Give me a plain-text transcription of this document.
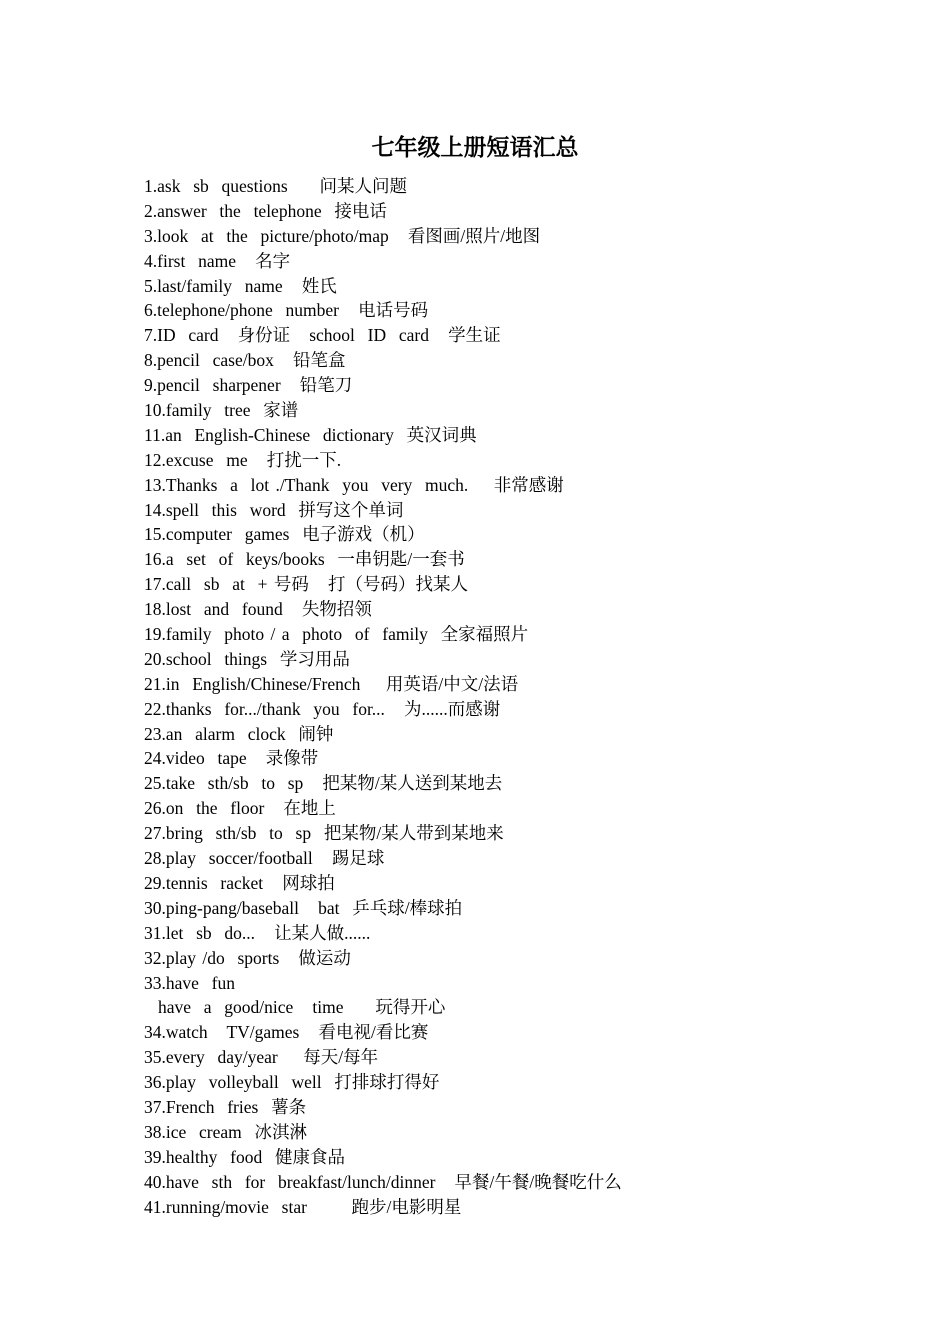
七年级上册短语汇总
1.ask  sb  questions     问某人问题
2.answer  the  telephone  接电话
3.look  at  the  picture/photo/map   看图画/照片/地图
4.first  name   名字
5.last/family  name   姓氏
6.telephone/phone  number   电话号码
7.ID  card   身份证   school  ID  card   学生证
8.pencil  case/box   铅笔盒
9.pencil  sharpener   铅笔刀
10.family  tree  家谱
11.an  English-Chinese  dictionary  英汉词典
12.excuse  me   打扰一下.
13.Thanks  a  lot ./Thank  you  very  much.    非常感谢
14.spell  this  word  拼写这个单词
15.computer  games  电子游戏（机）
16.a  set  of  keys/books  一串钥匙/一套书
17.call  sb  at  + 号码   打（号码）找某人
18.lost  and  found   失物招领
19.family  photo / a  photo  of  family  全家福照片
20.school  things  学习用品
21.in  English/Chinese/French    用英语/中文/法语
22.thanks  for.../thank  you  for...   为......而感谢
23.an  alarm  clock  闹钟
24.video  tape   录像带
25.take  sth/sb  to  sp   把某物/某人送到某地去
26.on  the  floor   在地上
27.bring  sth/sb  to  sp  把某物/某人带到某地来
28.play  soccer/football   踢足球
29.tennis  racket   网球拍
30.ping-pang/baseball   bat  乒乓球/棒球拍
31.let  sb  do...   让某人做......
32.play /do  sports   做运动
33.have  fun
have  a  good/nice   time     玩得开心
34.watch   TV/games   看电视/看比赛
35.every  day/year    每天/每年
36.play  volleyball  well  打排球打得好
37.French  fries  薯条
38.ice  cream  冰淇淋
39.healthy  food  健康食品
40.have  sth  for  breakfast/lunch/dinner   早餐/午餐/晚餐吃什么
41.running/movie  star       跑步/电影明星
